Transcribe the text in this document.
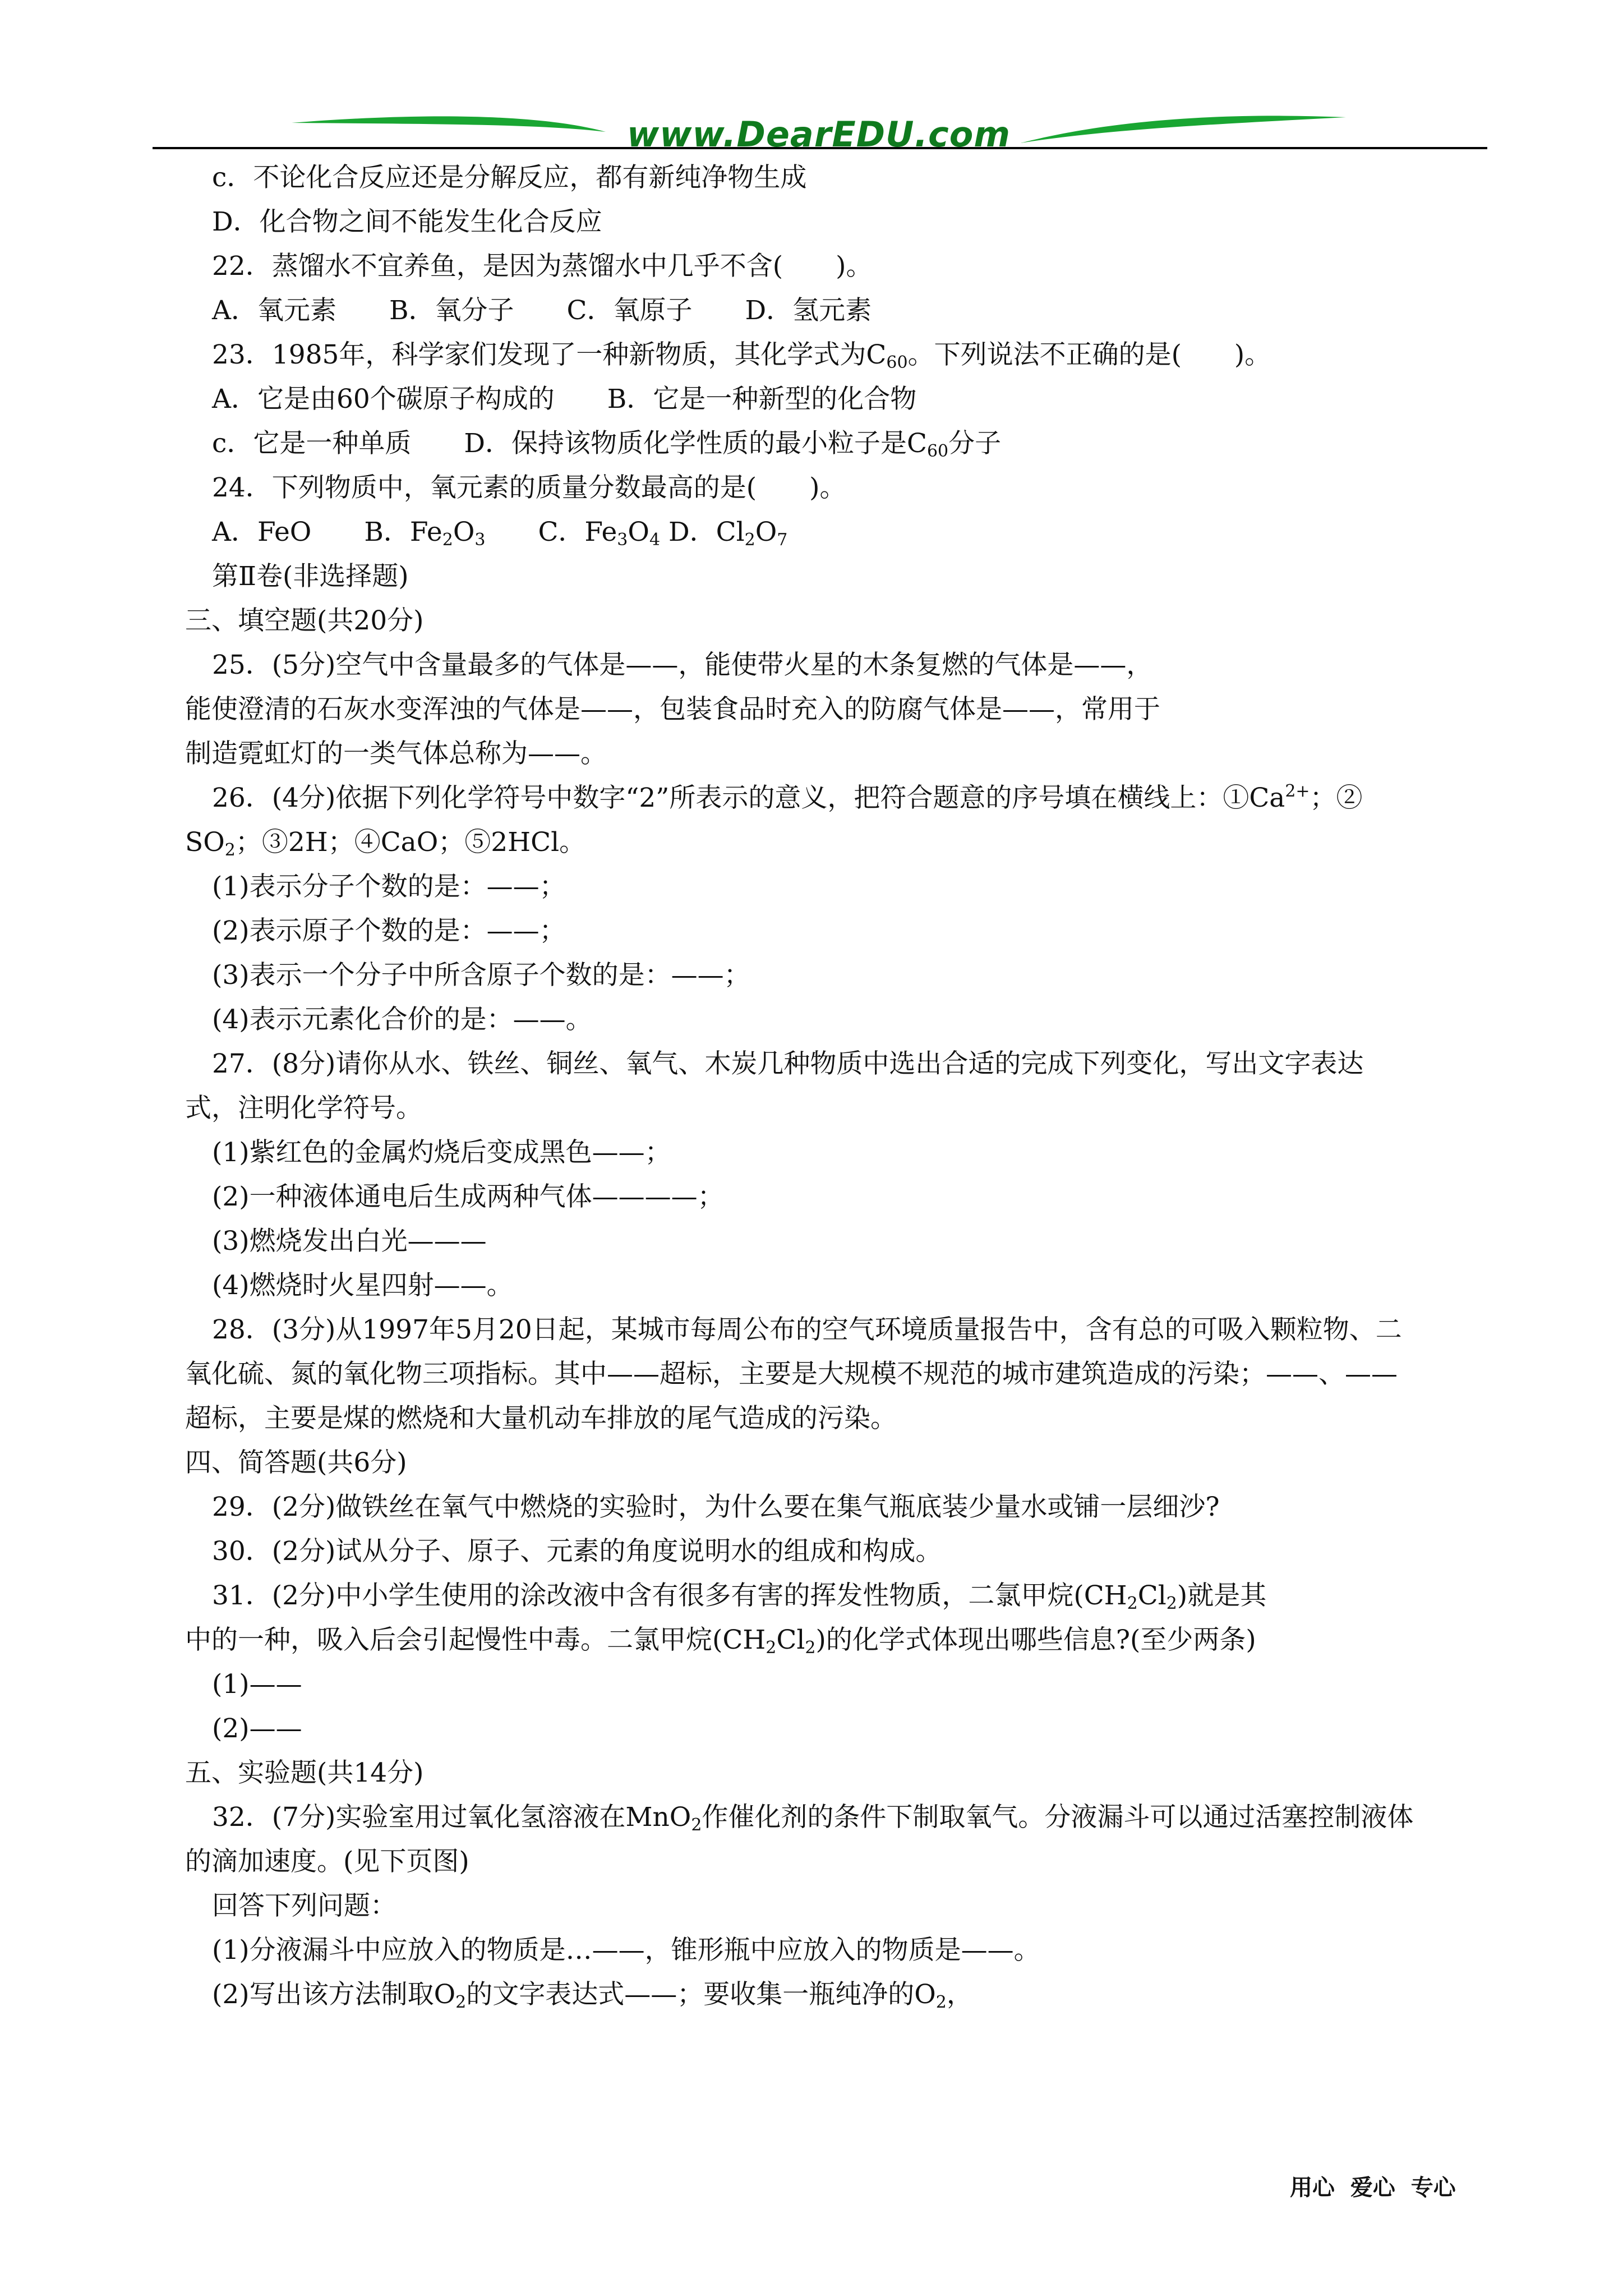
www.DearEDU.com
c．不论化合反应还是分解反应，都有新纯净物生成
D．化合物之间不能发生化合反应
22．蒸馏水不宜养鱼，是因为蒸馏水中几乎不含(　　)。
A．氧元素　　B．氧分子　　C．氧原子　　D．氢元素
23．1985年，科学家们发现了一种新物质，其化学式为$C_{60}$。下列说法不正确的是(　　)。
A．它是由60个碳原子构成的　　B．它是一种新型的化合物
c．它是一种单质　　D．保持该物质化学性质的最小粒子是$C_{60}$分子
24．下列物质中，氧元素的质量分数最高的是(　　)。
A．FeO　　B．$Fe_2O_3$　　C．$Fe_3O_4$ D．$Cl_2O_7$
第Ⅱ卷(非选择题)
三、填空题(共20分)
25．(5分)空气中含量最多的气体是——，能使带火星的木条复燃的气体是——，
能使澄清的石灰水变浑浊的气体是——，包装食品时充入的防腐气体是——，常用于
制造霓虹灯的一类气体总称为——。
26．(4分)依据下列化学符号中数字“2”所表示的意义，把符合题意的序号填在横线上：$①Ca^{2+}$；②
$SO_2$；③2H；④CaO；⑤2HCl。
(1)表示分子个数的是：——；
(2)表示原子个数的是：——；
(3)表示一个分子中所含原子个数的是：——；
(4)表示元素化合价的是：——。
27．(8分)请你从水、铁丝、铜丝、氧气、木炭几种物质中选出合适的完成下列变化，写出文字表达
式，注明化学符号。
(1)紫红色的金属灼烧后变成黑色——；
(2)一种液体通电后生成两种气体————；
(3)燃烧发出白光———
(4)燃烧时火星四射——。
28．(3分)从1997年5月20日起，某城市每周公布的空气环境质量报告中，含有总的可吸入颗粒物、二
氧化硫、氮的氧化物三项指标。其中——超标，主要是大规模不规范的城市建筑造成的污染；——、——
超标，主要是煤的燃烧和大量机动车排放的尾气造成的污染。
四、简答题(共6分)
29．(2分)做铁丝在氧气中燃烧的实验时，为什么要在集气瓶底装少量水或铺一层细沙?
30．(2分)试从分子、原子、元素的角度说明水的组成和构成。
31．(2分)中小学生使用的涂改液中含有很多有害的挥发性物质，二氯甲烷$(CH_2Cl_2)$就是其
中的一种，吸入后会引起慢性中毒。二氯甲烷$(CH_2Cl_2)$的化学式体现出哪些信息?(至少两条)
(1)——
(2)——
五、实验题(共14分)
32．(7分)实验室用过氧化氢溶液在MnO$_2$作催化剂的条件下制取氧气。分液漏斗可以通过活塞控制液体
的滴加速度。(见下页图)
回答下列问题：
(1)分液漏斗中应放入的物质是…——，锥形瓶中应放入的物质是——。
(2)写出该方法制取$O_2$的文字表达式——；要收集一瓶纯净的$O_2$，
用心  爱心  专心
